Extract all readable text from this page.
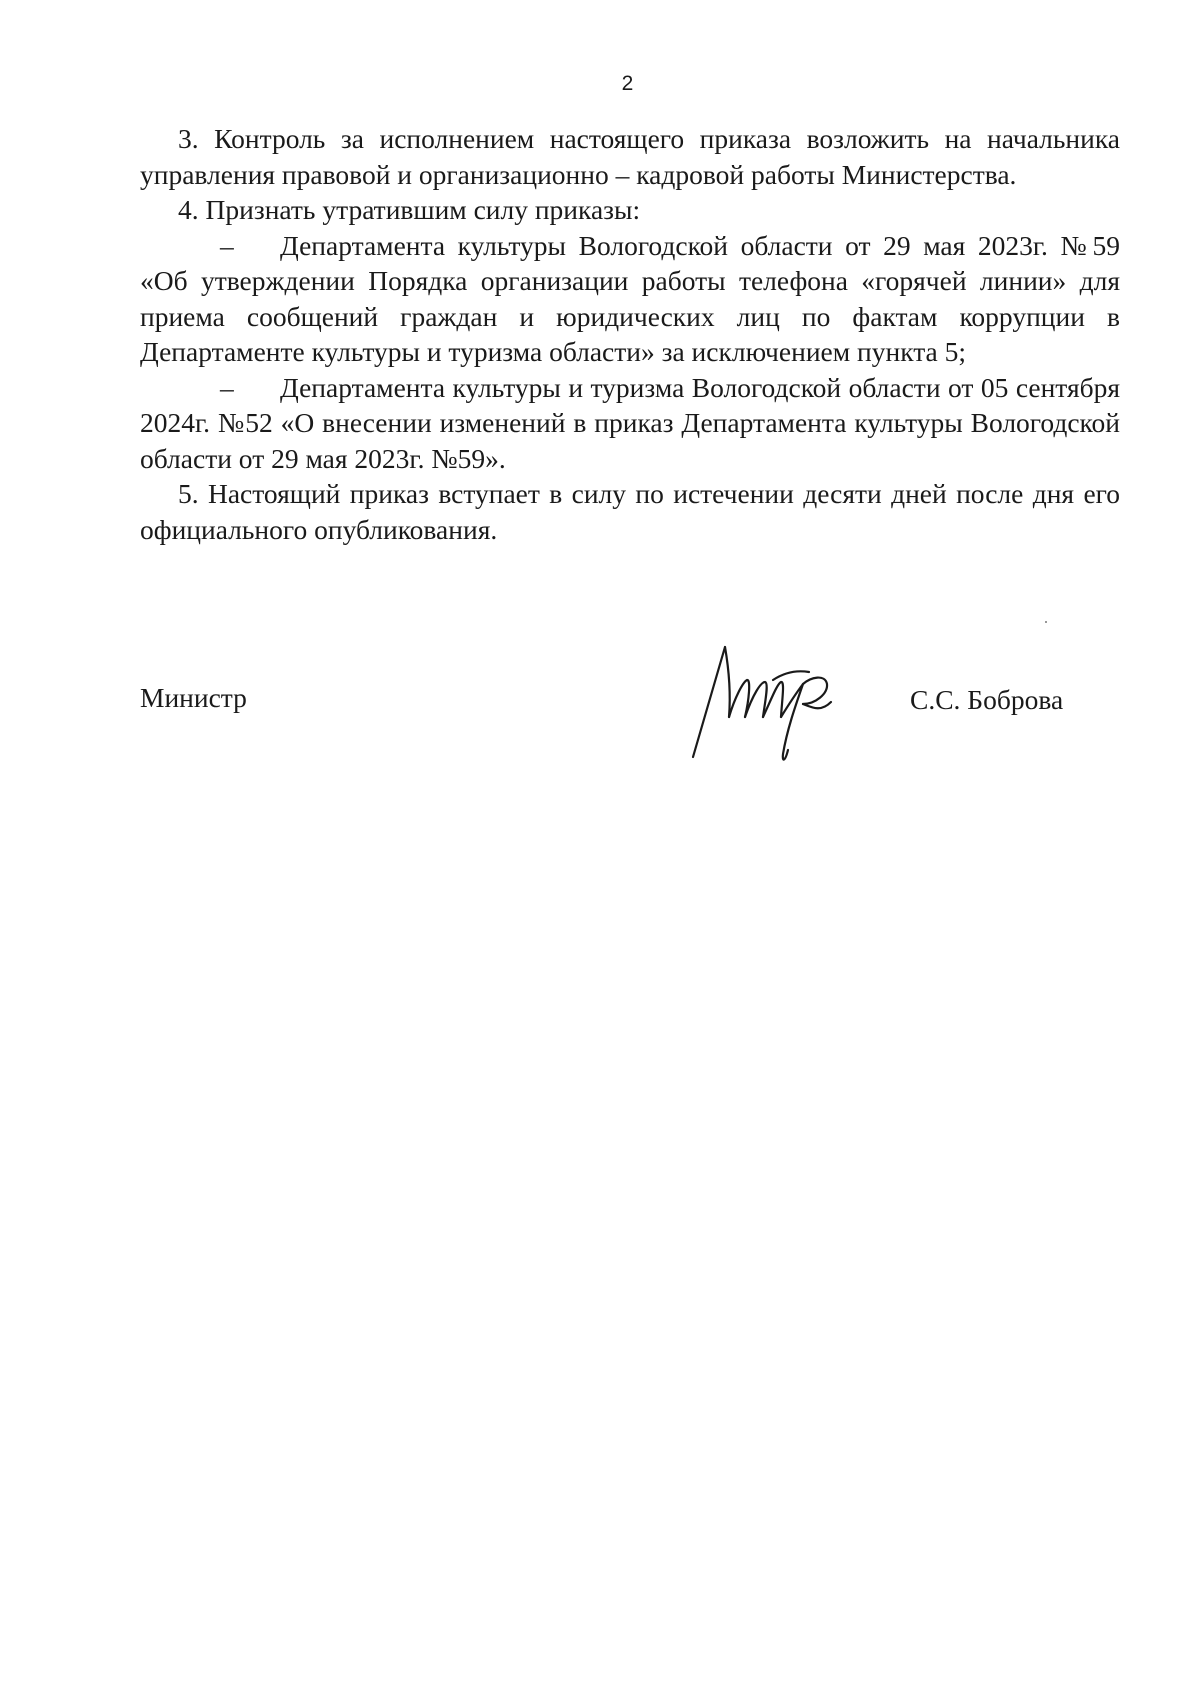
2

3. Контроль за исполнением настоящего приказа возложить на начальника управления правовой и организационно – кадровой работы Министерства.

4. Признать утратившим силу приказы:

– Департамента культуры Вологодской области от 29 мая 2023г. №59 «Об утверждении Порядка организации работы телефона «горячей линии» для приема сообщений граждан и юридических лиц по фактам коррупции в Департаменте культуры и туризма области» за исключением пункта 5;

– Департамента культуры и туризма Вологодской области от 05 сентября 2024г. №52 «О внесении изменений в приказ Департамента культуры Вологодской области от 29 мая 2023г. №59».

5. Настоящий приказ вступает в силу по истечении десяти дней после дня его официального опубликования.

Министр	С.С. Боброва
